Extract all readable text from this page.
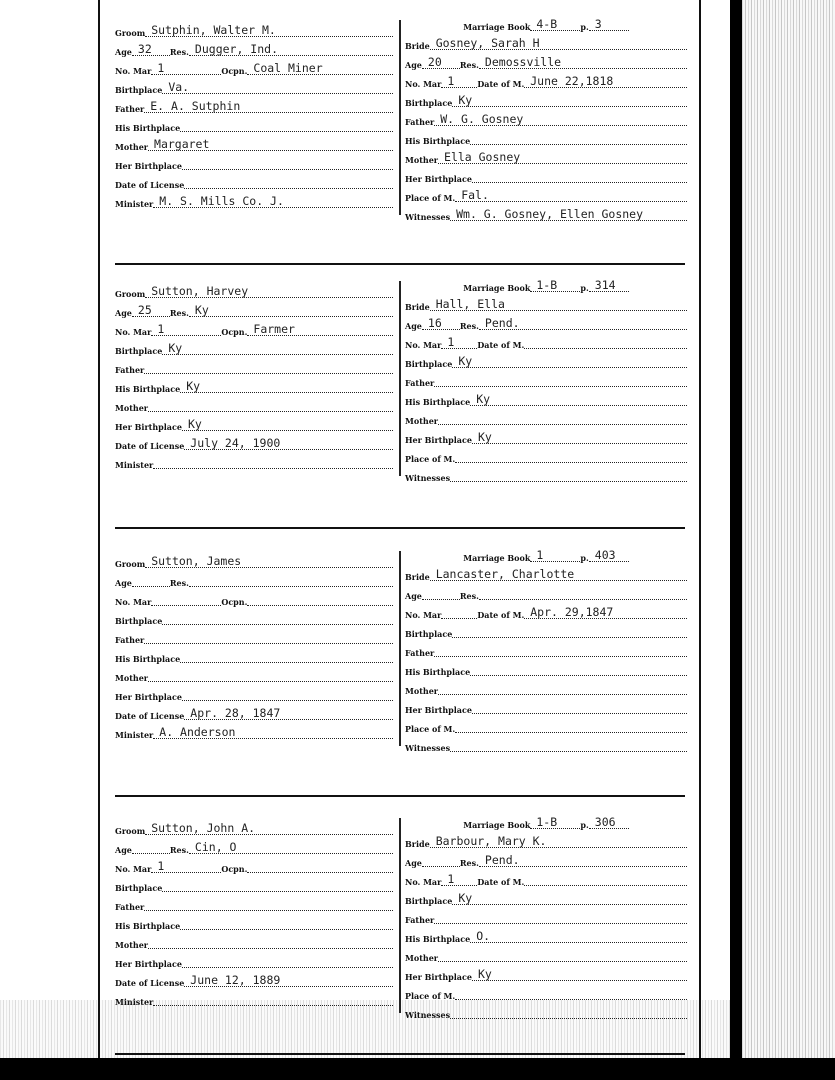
Groom Sutphin, Walter M.
Age 32 Res. Dugger, Ind.
No. Mar 1	Ocpn. Coal Miner
Birthplace Va.
Father E. A. Sutphin
His Birthplace
Mother Margaret
Her Birthplace
Date of License
Minister M. S. Mills Co. J.
Marriage Book 4-B	p. 3
Bride Gosney, Sarah H
Age 20 Res. Demossville
No. Mar 1	Date of M. June 22,1818
Birthplace Ky
Father W. G. Gosney
His Birthplace
Mother Ella Gosney
Her Birthplace
Place of M. Fal.
Witnesses Wm. G. Gosney, Ellen Gosney
Groom Sutton, Harvey
Age 25 Res. Ky
No. Mar 1	Ocpn. Farmer
Birthplace Ky
Father
His Birthplace Ky
Mother
Her Birthplace Ky
Date of License July 24, 1900
Minister
Marriage Book 1-B	p. 314
Bride Hall, Ella
Age 16 Res. Pend.
No. Mar 1	Date of M.
Birthplace Ky
Father
His Birthplace Ky
Mother
Her Birthplace Ky
Place of M.
Witnesses
Groom Sutton, James
Age	Res.
No. Mar	Ocpn.
Birthplace
Father
His Birthplace
Mother
Her Birthplace
Date of License Apr. 28, 1847
Minister A. Anderson
Marriage Book 1	p. 403
Bride Lancaster, Charlotte
Age	Res.
No. Mar	Date of M. Apr. 29,1847
Birthplace
Father
His Birthplace
Mother
Her Birthplace
Place of M.
Witnesses
Groom Sutton, John A.
Age	Res. Cin, O
No. Mar 1	Ocpn.
Birthplace
Father
His Birthplace
Mother
Her Birthplace
Date of License June 12, 1889
Minister
Marriage Book 1-B	p. 306
Bride Barbour, Mary K.
Age	Res. Pend.
No. Mar 1	Date of M.
Birthplace Ky
Father
His Birthplace O.
Mother
Her Birthplace Ky
Place of M.
Witnesses
